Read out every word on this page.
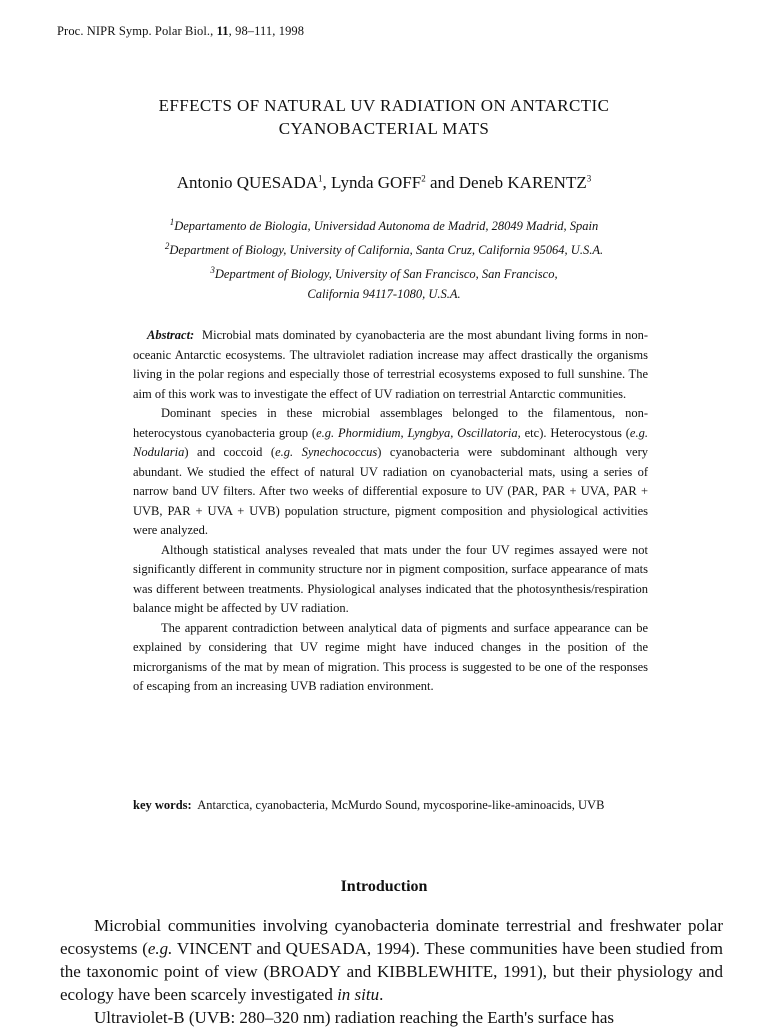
Proc. NIPR Symp. Polar Biol., 11, 98–111, 1998
EFFECTS OF NATURAL UV RADIATION ON ANTARCTIC
CYANOBACTERIAL MATS
Antonio QUESADA$^1$, Lynda GOFF$^2$ and Deneb KARENTZ$^3$
$^1$Departamento de Biologia, Universidad Autonoma de Madrid, 28049 Madrid, Spain
$^2$Department of Biology, University of California, Santa Cruz, California 95064, U.S.A.
$^3$Department of Biology, University of San Francisco, San Francisco,
California 94117-1080, U.S.A.

Abstract: Microbial mats dominated by cyanobacteria are the most abundant living forms in non-oceanic Antarctic ecosystems. The ultraviolet radiation increase may affect drastically the organisms living in the polar regions and especially those of terrestrial ecosystems exposed to full sunshine. The aim of this work was to investigate the effect of UV radiation on terrestrial Antarctic communities.

Dominant species in these microbial assemblages belonged to the filamentous, non-heterocystous cyanobacteria group (e.g. Phormidium, Lyngbya, Oscillatoria, etc). Heterocystous (e.g. Nodularia) and coccoid (e.g. Synechococcus) cyanobacteria were subdominant although very abundant. We studied the effect of natural UV radiation on cyanobacterial mats, using a series of narrow band UV filters. After two weeks of differential exposure to UV (PAR, PAR + UVA, PAR + UVB, PAR + UVA + UVB) population structure, pigment composition and physiological activities were analyzed.

Although statistical analyses revealed that mats under the four UV regimes assayed were not significantly different in community structure nor in pigment composition, surface appearance of mats was different between treatments. Physiological analyses indicated that the photosynthesis/respiration balance might be affected by UV radiation.

The apparent contradiction between analytical data of pigments and surface appearance can be explained by considering that UV regime might have induced changes in the position of the microrganisms of the mat by mean of migration. This process is suggested to be one of the responses of escaping from an increasing UVB radiation environment.

key words: Antarctica, cyanobacteria, McMurdo Sound, mycosporine-like-aminoacids, UVB
Introduction

Microbial communities involving cyanobacteria dominate terrestrial and freshwater polar ecosystems (e.g. VINCENT and QUESADA, 1994). These communities have been studied from the taxonomic point of view (BROADY and KIBBLEWHITE, 1991), but their physiology and ecology have been scarcely investigated in situ.

Ultraviolet-B (UVB: 280–320 nm) radiation reaching the Earth's surface has
